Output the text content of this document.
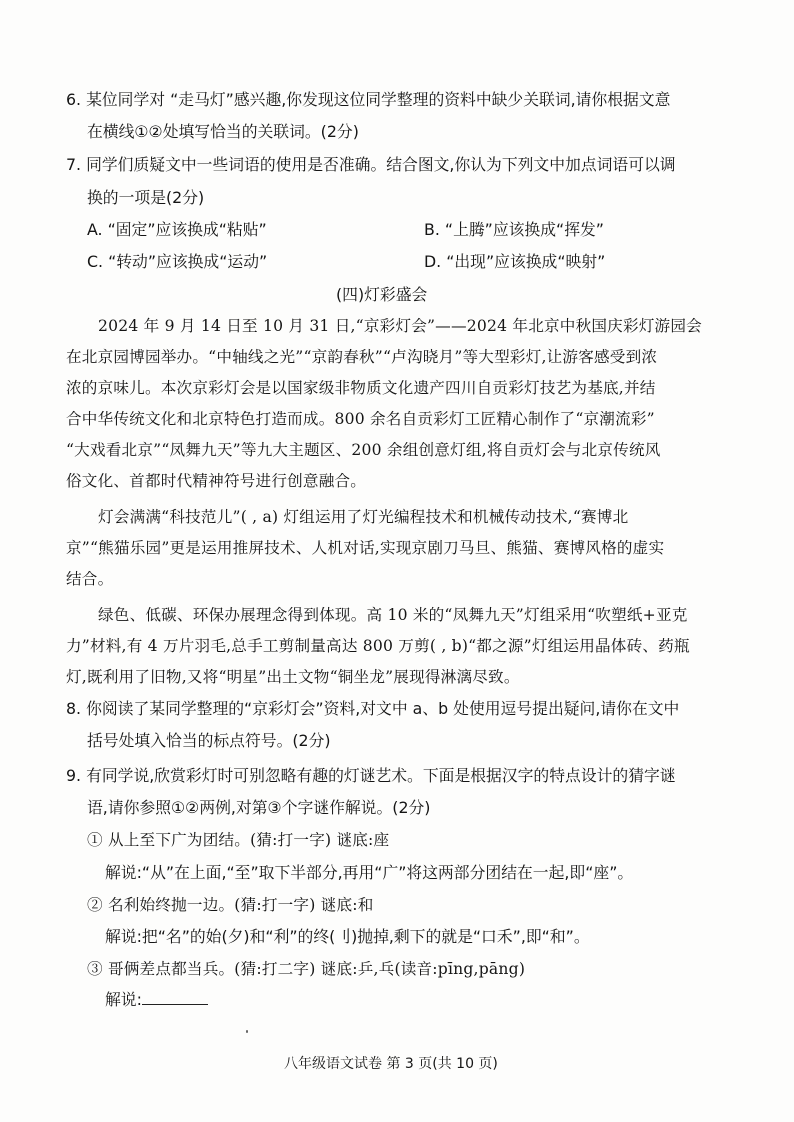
6. 某位同学对 “走马灯”感兴趣,你发现这位同学整理的资料中缺少关联词,请你根据文意
在横线①②处填写恰当的关联词。(2分)
7. 同学们质疑文中一些词语的使用是否准确。结合图文,你认为下列文中加点词语可以调
换的一项是(2分)
A. “固定”应该换成“粘贴”	B. “上腾”应该换成“挥发”
C. “转动”应该换成“运动”	D. “出现”应该换成“映射”
(四)灯彩盛会
2024 年 9 月 14 日至 10 月 31 日,“京彩灯会”——2024 年北京中秋国庆彩灯游园会
在北京园博园举办。“中轴线之光”“京韵春秋”“卢沟晓月”等大型彩灯,让游客感受到浓
浓的京味儿。本次京彩灯会是以国家级非物质文化遗产四川自贡彩灯技艺为基底,并结
合中华传统文化和北京特色打造而成。800 余名自贡彩灯工匠精心制作了“京潮流彩”
“大戏看北京”“凤舞九天”等九大主题区、200 余组创意灯组,将自贡灯会与北京传统风
俗文化、首都时代精神符号进行创意融合。
灯会满满“科技范儿”( , a) 灯组运用了灯光编程技术和机械传动技术,“赛博北
京”“熊猫乐园”更是运用推屏技术、人机对话,实现京剧刀马旦、熊猫、赛博风格的虚实
结合。
绿色、低碳、环保办展理念得到体现。高 10 米的“凤舞九天”灯组采用“吹塑纸+亚克
力”材料,有 4 万片羽毛,总手工剪制量高达 800 万剪( , b)“都之源”灯组运用晶体砖、药瓶
灯,既利用了旧物,又将“明星”出土文物“铜坐龙”展现得淋漓尽致。
8. 你阅读了某同学整理的“京彩灯会”资料,对文中 a、b 处使用逗号提出疑问,请你在文中
括号处填入恰当的标点符号。(2分)
9. 有同学说,欣赏彩灯时可别忽略有趣的灯谜艺术。下面是根据汉字的特点设计的猜字谜
语,请你参照①②两例,对第③个字谜作解说。(2分)
① 从上至下广为团结。(猜:打一字) 谜底:座
解说:“从”在上面,“至”取下半部分,再用“广”将这两部分团结在一起,即“座”。
② 名利始终抛一边。(猜:打一字) 谜底:和
解说:把“名”的始(夕)和“利”的终(刂)抛掉,剩下的就是“口禾”,即“和”。
③ 哥俩差点都当兵。(猜:打二字) 谜底:乒,乓(读音:pīng,pāng)
解说:
八年级语文试卷 第 3 页(共 10 页)
